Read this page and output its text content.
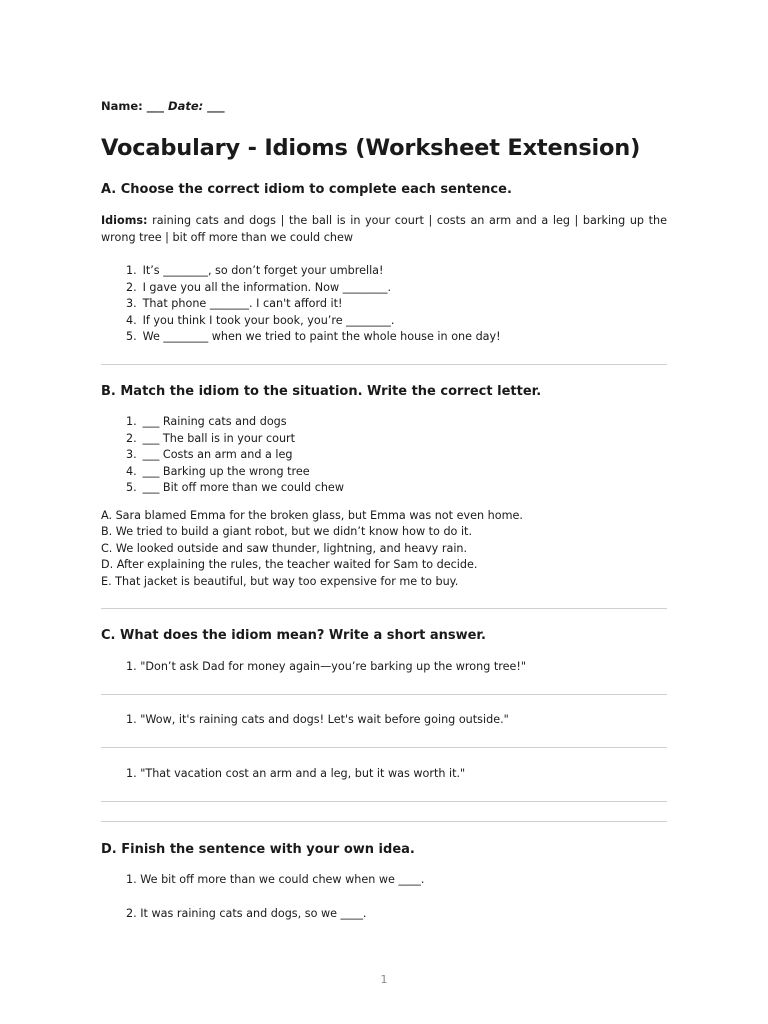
Name: ___ Date: ___
Vocabulary - Idioms (Worksheet Extension)
A. Choose the correct idiom to complete each sentence.

Idioms: raining cats and dogs | the ball is in your court | costs an arm and a leg | barking up the wrong tree | bit off more than we could chew

1. It’s ________, so don’t forget your umbrella!
2. I gave you all the information. Now ________.
3. That phone _______. I can't afford it!
4. If you think I took your book, you’re ________.
5. We ________ when we tried to paint the whole house in one day!
B. Match the idiom to the situation. Write the correct letter.
1. ___ Raining cats and dogs
2. ___ The ball is in your court
3. ___ Costs an arm and a leg
4. ___ Barking up the wrong tree
5. ___ Bit off more than we could chew
A. Sara blamed Emma for the broken glass, but Emma was not even home.
B. We tried to build a giant robot, but we didn’t know how to do it.
C. We looked outside and saw thunder, lightning, and heavy rain.
D. After explaining the rules, the teacher waited for Sam to decide.
E. That jacket is beautiful, but way too expensive for me to buy.
C. What does the idiom mean? Write a short answer.
1. "Don’t ask Dad for money again—you’re barking up the wrong tree!"
1. "Wow, it's raining cats and dogs! Let's wait before going outside."
1. "That vacation cost an arm and a leg, but it was worth it."
D. Finish the sentence with your own idea.
1. We bit off more than we could chew when we ____.
2. It was raining cats and dogs, so we ____.
1
